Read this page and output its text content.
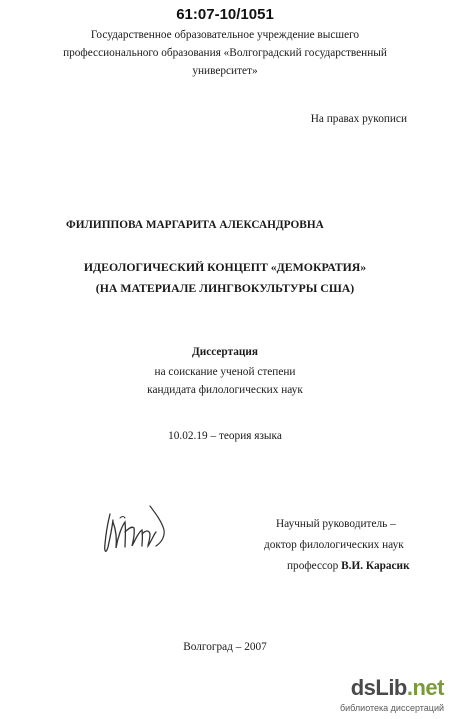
61:07-10/1051
Государственное образовательное учреждение высшего
профессионального образования «Волгоградский государственный
университет»
На правах рукописи
ФИЛИППОВА МАРГАРИТА АЛЕКСАНДРОВНА
ИДЕОЛОГИЧЕСКИЙ КОНЦЕПТ «ДЕМОКРАТИЯ»
(НА МАТЕРИАЛЕ ЛИНГВОКУЛЬТУРЫ США)
Диссертация
на соискание ученой степени
кандидата филологических наук
10.02.19 – теория языка
Научный руководитель –
доктор филологических наук
профессор В.И. Карасик
Волгоград – 2007
dsLib.net
библиотека диссертаций
